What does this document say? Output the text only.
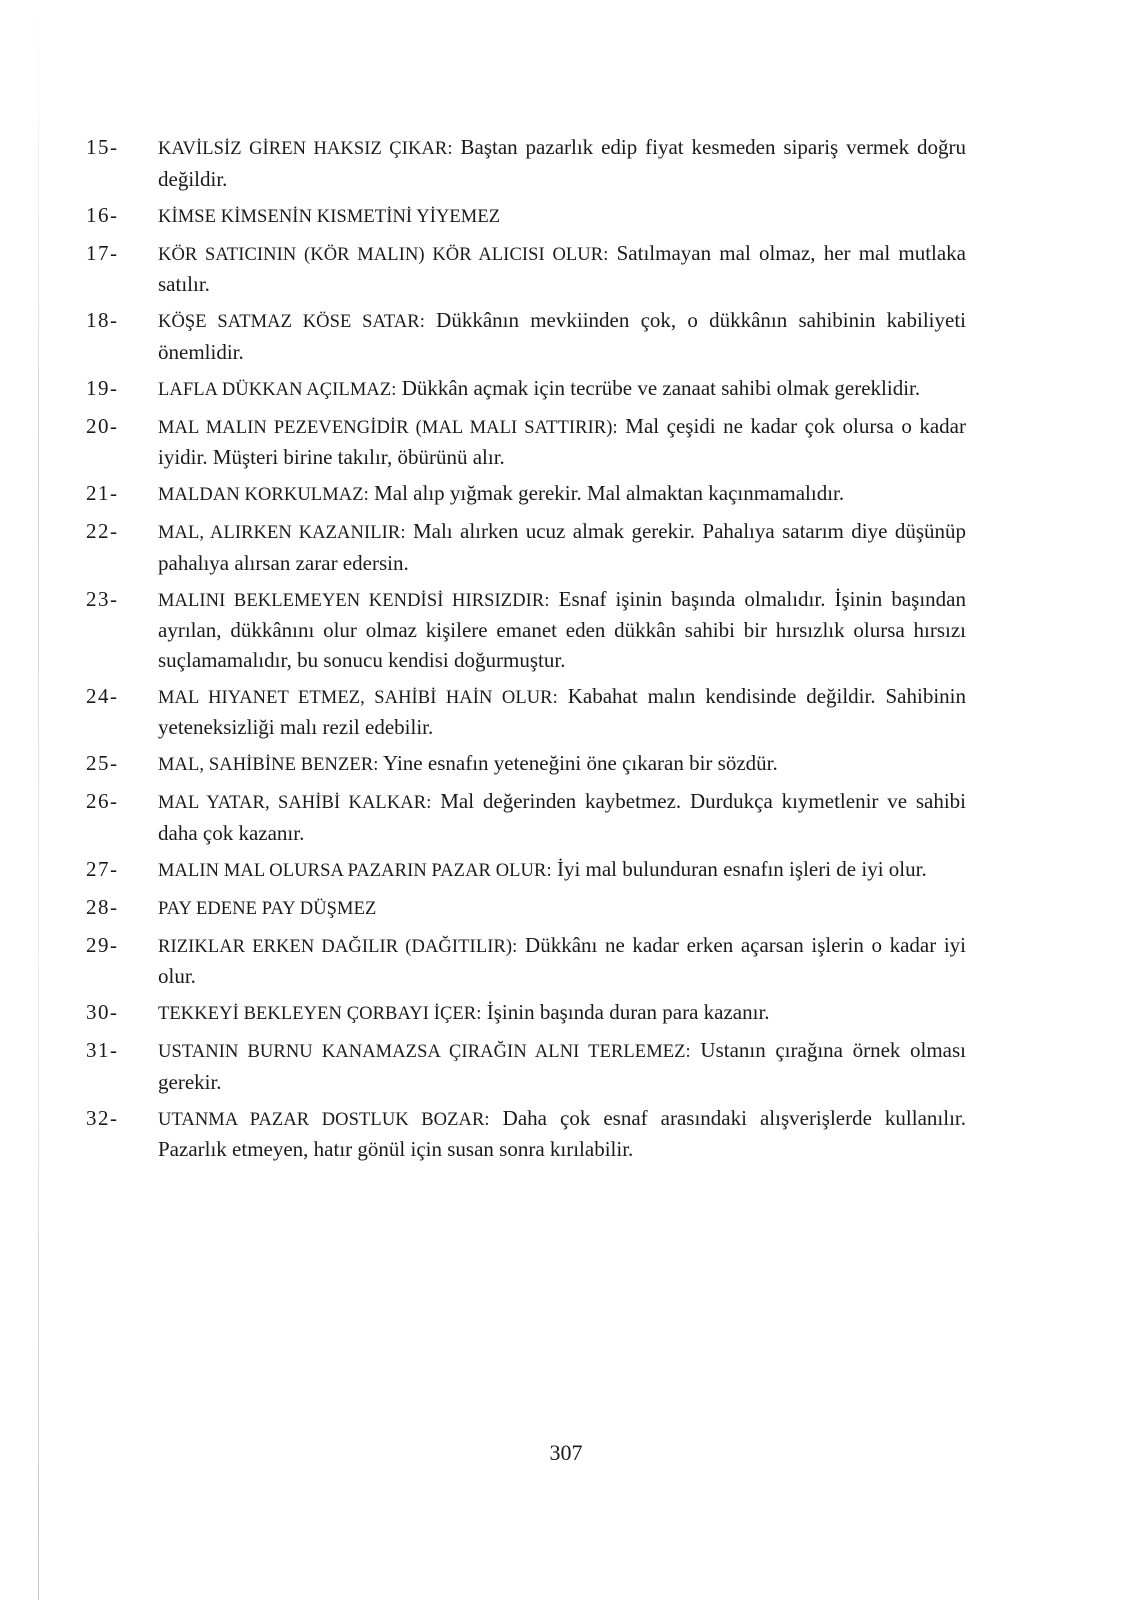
15-	KAVİLSİZ GİREN HAKSIZ ÇIKAR: Baştan pazarlık edip fiyat kesmeden sipariş vermek doğru değildir.
16-	KİMSE KİMSENİN KISMETİNİ YİYEMEZ
17-	KÖR SATICININ (KÖR MALIN) KÖR ALICISI OLUR: Satılmayan mal olmaz, her mal mutlaka satılır.
18-	KÖŞE SATMAZ KÖSE SATAR: Dükkânın mevkiinden çok, o dükkânın sahibinin kabiliyeti önemlidir.
19-	LAFLA DÜKKAN AÇILMAZ: Dükkân açmak için tecrübe ve zanaat sahibi olmak gereklidir.
20-	MAL MALIN PEZEVENGİDİR (MAL MALI SATTIRIR): Mal çeşidi ne kadar çok olursa o kadar iyidir. Müşteri birine takılır, öbürünü alır.
21-	MALDAN KORKULMAZ: Mal alıp yığmak gerekir. Mal almaktan kaçınmamalıdır.
22-	MAL, ALIRKEN KAZANILIR: Malı alırken ucuz almak gerekir. Pahalıya satarım diye düşünüp pahalıya alırsan zarar edersin.
23-	MALINI BEKLEMEYEN KENDİSİ HIRSIZDIR: Esnaf işinin başında olmalıdır. İşinin başından ayrılan, dükkânını olur olmaz kişilere emanet eden dükkân sahibi bir hırsızlık olursa hırsızı suçlamamalıdır, bu sonucu kendisi doğurmuştur.
24-	MAL HIYANET ETMEZ, SAHİBİ HAİN OLUR: Kabahat malın kendisinde değildir. Sahibinin yeteneksizliği malı rezil edebilir.
25-	MAL, SAHİBİNE BENZER: Yine esnafın yeteneğini öne çıkaran bir sözdür.
26-	MAL YATAR, SAHİBİ KALKAR: Mal değerinden kaybetmez. Durdukça kıymetlenir ve sahibi daha çok kazanır.
27-	MALIN MAL OLURSA PAZARIN PAZAR OLUR: İyi mal bulunduran esnafın işleri de iyi olur.
28-	PAY EDENE PAY DÜŞMEZ
29-	RIZIKLAR ERKEN DAĞILIR (DAĞITILIR): Dükkânı ne kadar erken açarsan işlerin o kadar iyi olur.
30-	TEKKEYİ BEKLEYEN ÇORBAYI İÇER: İşinin başında duran para kazanır.
31-	USTANIN BURNU KANAMAZSA ÇIRAĞIN ALNI TERLEMEZ: Ustanın çırağına örnek olması gerekir.
32-	UTANMA PAZAR DOSTLUK BOZAR: Daha çok esnaf arasındaki alışverişlerde kullanılır. Pazarlık etmeyen, hatır gönül için susan sonra kırılabilir.
307
